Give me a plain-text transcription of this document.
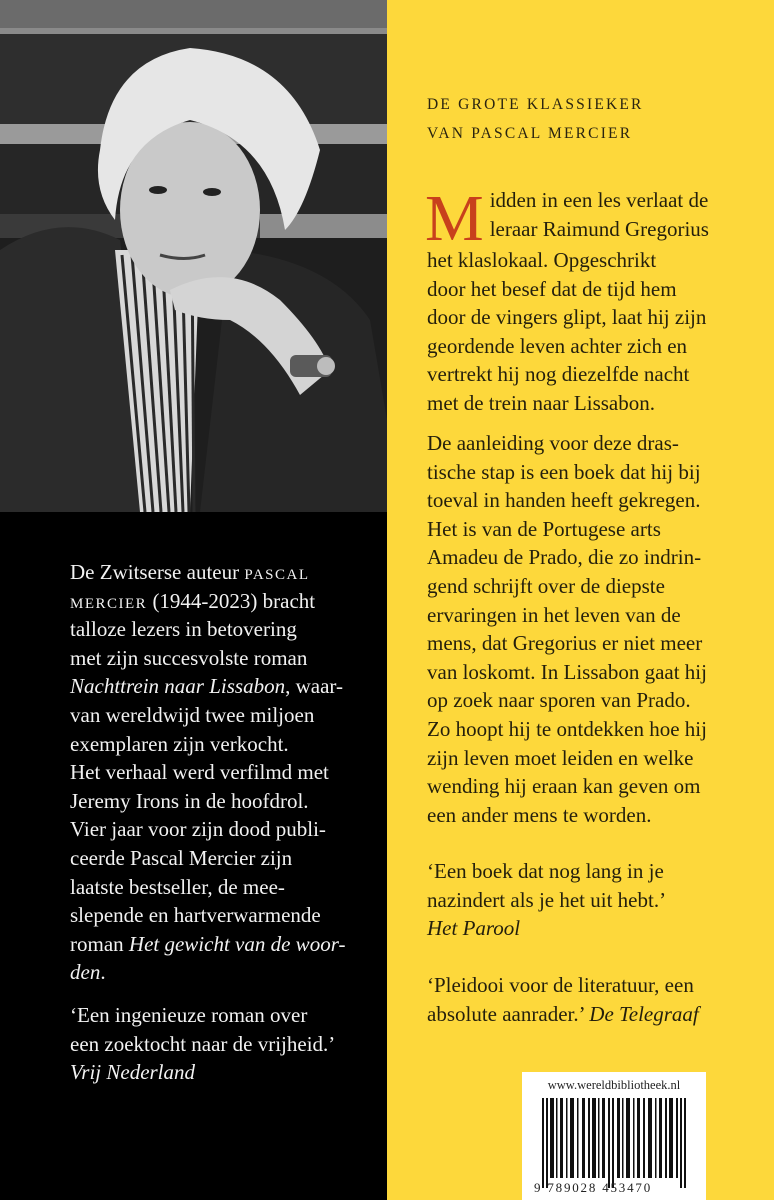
DE GROTE KLASSIEKER
VAN PASCAL MERCIER
M idden in een les verlaat de
leraar Raimund Gregorius
het klaslokaal. Opgeschrikt
door het besef dat de tijd hem
door de vingers glipt, laat hij zijn
geordende leven achter zich en
vertrekt hij nog diezelfde nacht
met de trein naar Lissabon.
De aanleiding voor deze dras-
tische stap is een boek dat hij bij
toeval in handen heeft gekregen.
Het is van de Portugese arts
Amadeu de Prado, die zo indrin-
gend schrijft over de diepste
ervaringen in het leven van de
mens, dat Gregorius er niet meer
van loskomt. In Lissabon gaat hij
op zoek naar sporen van Prado.
Zo hoopt hij te ontdekken hoe hij
zijn leven moet leiden en welke
wending hij eraan kan geven om
een ander mens te worden.
‘Een boek dat nog lang in je
nazindert als je het uit hebt.’
Het Parool
‘Pleidooi voor de literatuur, een
absolute aanrader.’ De Telegraaf
De Zwitserse auteur pascal
mercier (1944-2023) bracht
talloze lezers in betovering
met zijn succesvolste roman
Nachttrein naar Lissabon, waar-
van wereldwijd twee miljoen
exemplaren zijn verkocht.
Het verhaal werd verfilmd met
Jeremy Irons in de hoofdrol.
Vier jaar voor zijn dood publi-
ceerde Pascal Mercier zijn
laatste bestseller, de mee-
slepende en hartverwarmende
roman Het gewicht van de woor-
den.
‘Een ingenieuze roman over
een zoektocht naar de vrijheid.’
Vrij Nederland
www.wereldbibliotheek.nl
9 789028 453470
